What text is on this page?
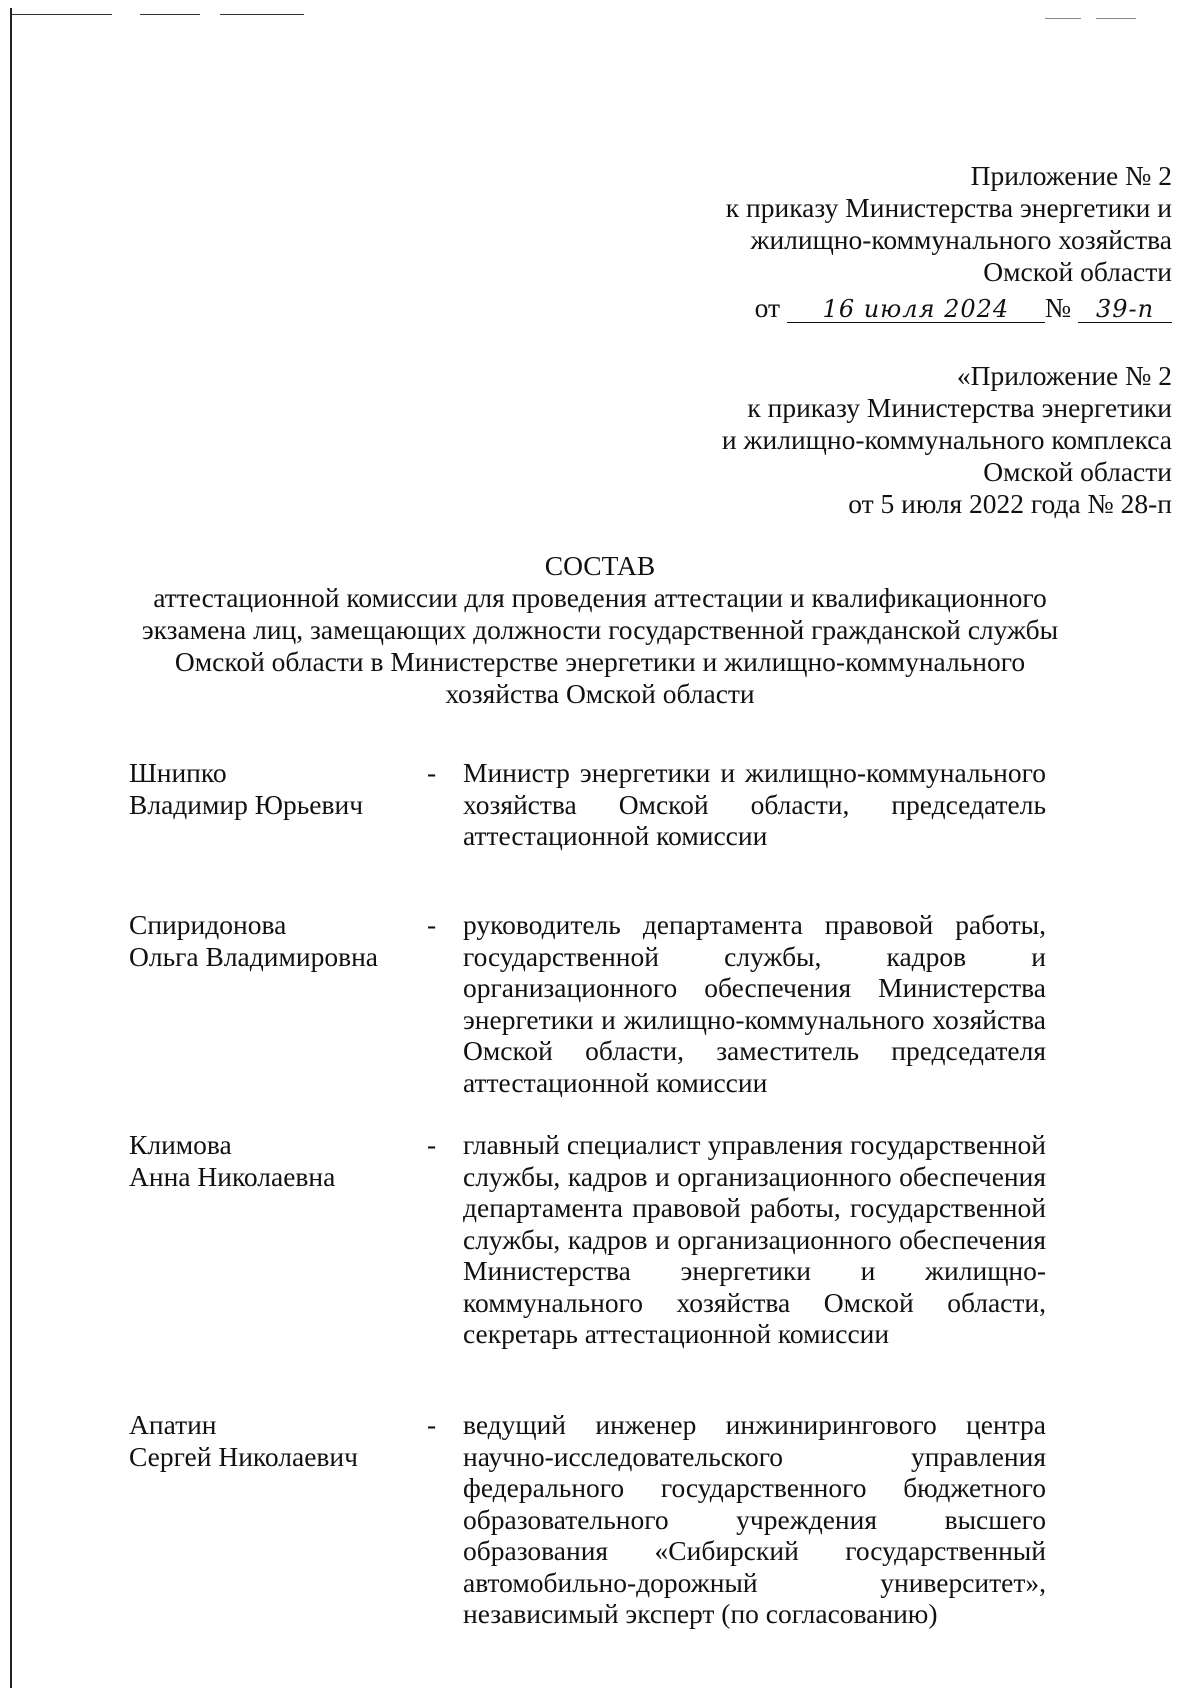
Приложение № 2
к приказу Министерства энергетики и
жилищно-коммунального хозяйства
Омской области
от 16 июля 2024 № 39-п
«Приложение № 2
к приказу Министерства энергетики
и жилищно-коммунального комплекса
Омской области
от 5 июля 2022 года № 28-п
СОСТАВ
аттестационной комиссии для проведения аттестации и квалификационного экзамена лиц, замещающих должности государственной гражданской службы Омской области в Министерстве энергетики и жилищно-коммунального хозяйства Омской области
Шнипко
Владимир Юрьевич
- Министр энергетики и жилищно-коммунального хозяйства Омской области, председатель аттестационной комиссии
Спиридонова
Ольга Владимировна
- руководитель департамента правовой работы, государственной службы, кадров и организационного обеспечения Министерства энергетики и жилищно-коммунального хозяйства Омской области, заместитель председателя аттестационной комиссии
Климова
Анна Николаевна
- главный специалист управления государственной службы, кадров и организационного обеспечения департамента правовой работы, государственной службы, кадров и организационного обеспечения Министерства энергетики и жилищно-коммунального хозяйства Омской области, секретарь аттестационной комиссии
Апатин
Сергей Николаевич
- ведущий инженер инжинирингового центра научно-исследовательского управления федерального государственного бюджетного образовательного учреждения высшего образования «Сибирский государственный автомобильно-дорожный университет», независимый эксперт (по согласованию)
